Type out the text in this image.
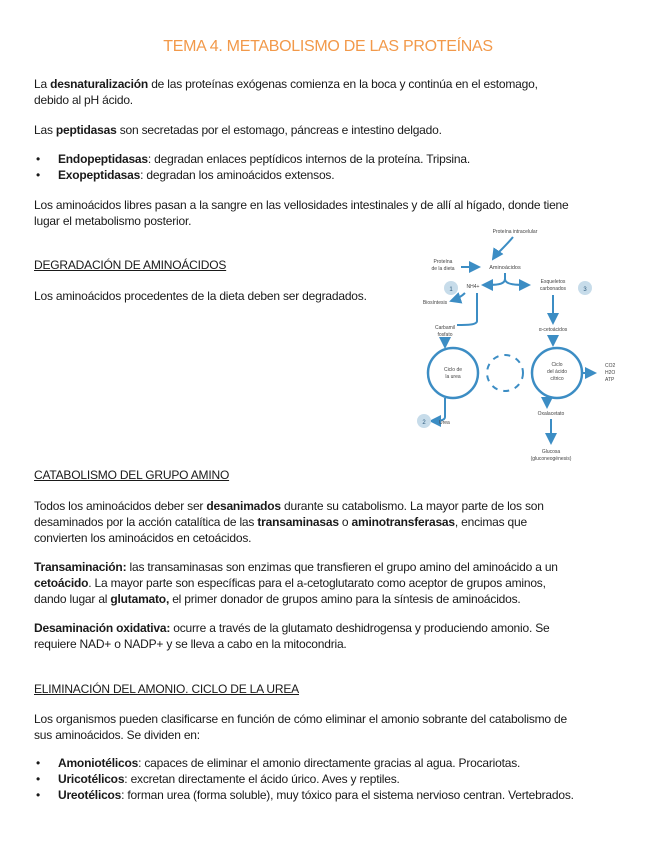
TEMA 4. METABOLISMO DE LAS PROTEÍNAS
La desnaturalización de las proteínas exógenas comienza en la boca y continúa en el estomago,
debido al pH ácido.
Las peptidasas son secretadas por el estomago, páncreas e intestino delgado.
• Endopeptidasas: degradan enlaces peptídicos internos de la proteína. Tripsina.
• Exopeptidasas: degradan los aminoácidos extensos.
Los aminoácidos libres pasan a la sangre en las vellosidades intestinales y de allí al hígado, donde tiene
lugar el metabolismo posterior.
DEGRADACIÓN DE AMINOÁCIDOS
Los aminoácidos procedentes de la dieta deben ser degradados.
Proteína intracelular
Proteína
de la dieta	Aminoácidos
NH4+
Esqueletos
carbonados
1	3
Biosíntesis
Carbamil
fosfato
α-cetoácidos
Ciclo de
la urea
Ciclo
del ácido
cítrico
CO2
H2O
ATP
2	Urea
Oxalacetato
Glucosa
(gluconeogénesis)
CATABOLISMO DEL GRUPO AMINO
Todos los aminoácidos deber ser desanimados durante su catabolismo. La mayor parte de los son
desaminados por la acción catalítica de las transaminasas o aminotransferasas, encimas que
convierten los aminoácidos en cetoácidos.
Transaminación: las transaminasas son enzimas que transfieren el grupo amino del aminoácido a un
cetoácido. La mayor parte son específicas para el a-cetoglutarato como aceptor de grupos aminos,
dando lugar al glutamato, el primer donador de grupos amino para la síntesis de aminoácidos.
Desaminación oxidativa: ocurre a través de la glutamato deshidrogensa y produciendo amonio. Se
requiere NAD+ o NADP+ y se lleva a cabo en la mitocondria.
ELIMINACIÓN DEL AMONIO. CICLO DE LA UREA
Los organismos pueden clasificarse en función de cómo eliminar el amonio sobrante del catabolismo de
sus aminoácidos. Se dividen en:
• Amoniotélicos: capaces de eliminar el amonio directamente gracias al agua. Procariotas.
• Uricotélicos: excretan directamente el ácido úrico. Aves y reptiles.
• Ureotélicos: forman urea (forma soluble), muy tóxico para el sistema nervioso centran. Vertebrados.
